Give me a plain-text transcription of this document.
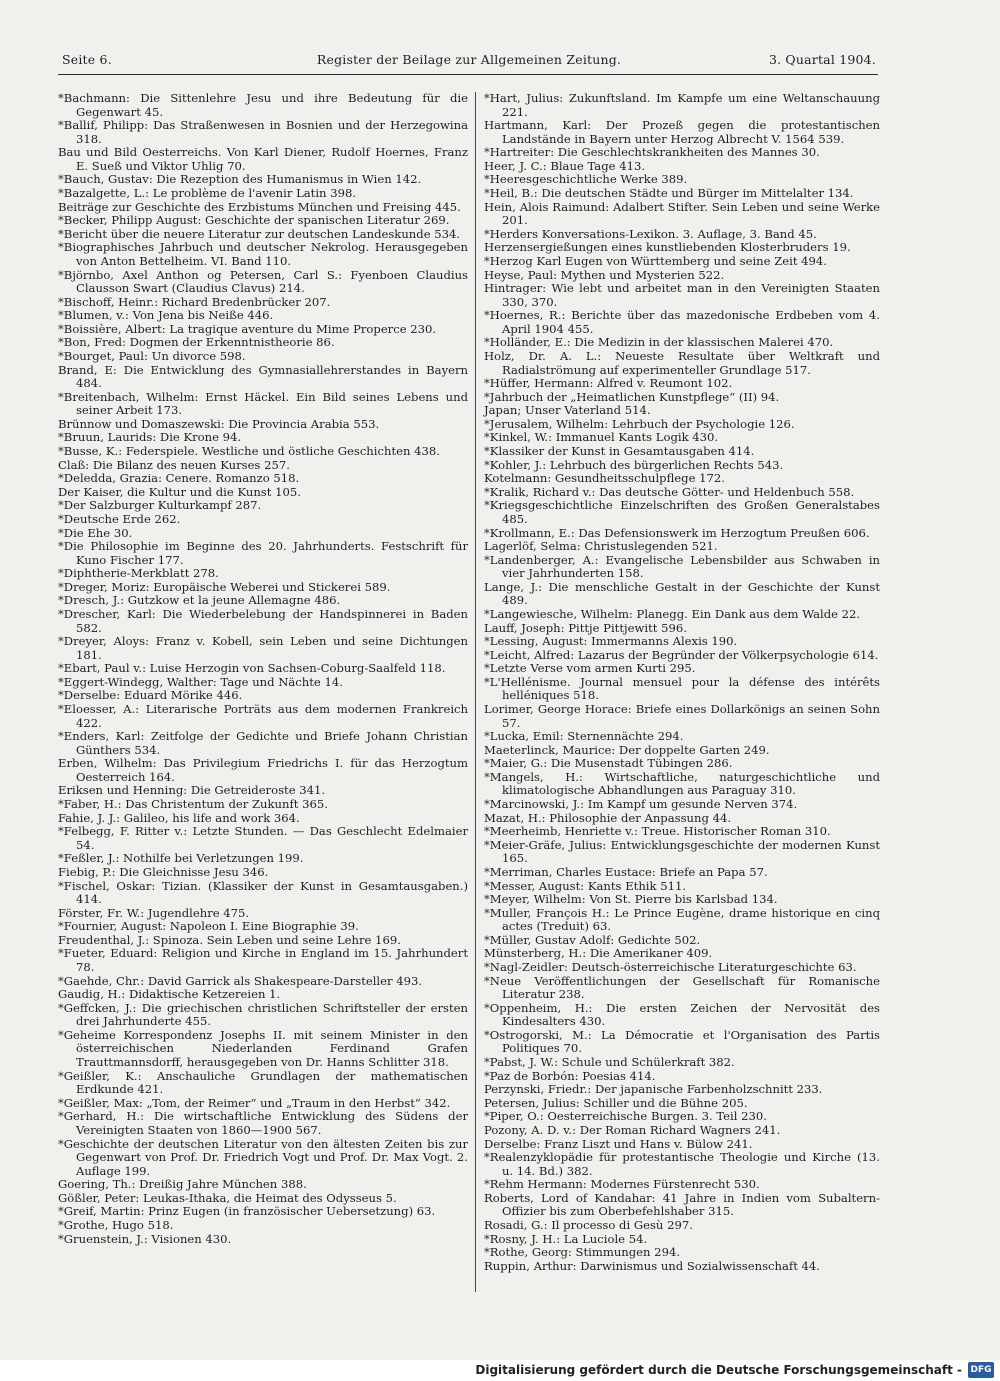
Seite 6.	Register der Beilage zur Allgemeinen Zeitung.	3. Quartal 1904.

*Bachmann: Die Sittenlehre Jesu und ihre Bedeutung für die Gegenwart 45.

*Ballif, Philipp: Das Straßenwesen in Bosnien und der Herzegowina 318.

Bau und Bild Oesterreichs. Von Karl Diener, Rudolf Hoernes, Franz E. Sueß und Viktor Uhlig 70.

*Bauch, Gustav: Die Rezeption des Humanismus in Wien 142.

*Bazalgette, L.: Le problème de l'avenir Latin 398.

Beiträge zur Geschichte des Erzbistums München und Freising 445.

*Becker, Philipp August: Geschichte der spanischen Literatur 269.

*Bericht über die neuere Literatur zur deutschen Landeskunde 534.

*Biographisches Jahrbuch und deutscher Nekrolog. Herausgegeben von Anton Bettelheim. VI. Band 110.

*Björnbo, Axel Anthon og Petersen, Carl S.: Fyenboen Claudius Clausson Swart (Claudius Clavus) 214.

*Bischoff, Heinr.: Richard Bredenbrücker 207.

*Blumen, v.: Von Jena bis Neiße 446.

*Boissière, Albert: La tragique aventure du Mime Properce 230.

*Bon, Fred: Dogmen der Erkenntnistheorie 86.

*Bourget, Paul: Un divorce 598.

Brand, E: Die Entwicklung des Gymnasiallehrerstandes in Bayern 484.

*Breitenbach, Wilhelm: Ernst Häckel. Ein Bild seines Lebens und seiner Arbeit 173.

Brünnow und Domaszewski: Die Provincia Arabia 553.

*Bruun, Laurids: Die Krone 94.

*Busse, K.: Federspiele. Westliche und östliche Geschichten 438.

Claß: Die Bilanz des neuen Kurses 257.

*Deledda, Grazia: Cenere. Romanzo 518.

Der Kaiser, die Kultur und die Kunst 105.

*Der Salzburger Kulturkampf 287.

*Deutsche Erde 262.

*Die Ehe 30.

*Die Philosophie im Beginne des 20. Jahrhunderts. Festschrift für Kuno Fischer 177.

*Diphtherie-Merkblatt 278.

*Dreger, Moriz: Europäische Weberei und Stickerei 589.

*Dresch, J.: Gutzkow et la jeune Allemagne 486.

*Drescher, Karl: Die Wiederbelebung der Handspinnerei in Baden 582.

*Dreyer, Aloys: Franz v. Kobell, sein Leben und seine Dichtungen 181.

*Ebart, Paul v.: Luise Herzogin von Sachsen-Coburg-Saalfeld 118.

*Eggert-Windegg, Walther: Tage und Nächte 14.

*Derselbe: Eduard Mörike 446.

*Eloesser, A.: Literarische Porträts aus dem modernen Frankreich 422.

*Enders, Karl: Zeitfolge der Gedichte und Briefe Johann Christian Günthers 534.

Erben, Wilhelm: Das Privilegium Friedrichs I. für das Herzogtum Oesterreich 164.

Eriksen und Henning: Die Getreideroste 341.

*Faber, H.: Das Christentum der Zukunft 365.

Fahie, J. J.: Galileo, his life and work 364.

*Felbegg, F. Ritter v.: Letzte Stunden. — Das Geschlecht Edelmaier 54.

*Feßler, J.: Nothilfe bei Verletzungen 199.

Fiebig, P.: Die Gleichnisse Jesu 346.

*Fischel, Oskar: Tizian. (Klassiker der Kunst in Gesamtausgaben.) 414.

Förster, Fr. W.: Jugendlehre 475.

*Fournier, August: Napoleon I. Eine Biographie 39.

Freudenthal, J.: Spinoza. Sein Leben und seine Lehre 169.

*Fueter, Eduard: Religion und Kirche in England im 15. Jahrhundert 78.

*Gaehde, Chr.: David Garrick als Shakespeare-Darsteller 493.

Gaudig, H.: Didaktische Ketzereien 1.

*Geffcken, J.: Die griechischen christlichen Schriftsteller der ersten drei Jahrhunderte 455.

*Geheime Korrespondenz Josephs II. mit seinem Minister in den österreichischen Niederlanden Ferdinand Grafen Trauttmannsdorff, herausgegeben von Dr. Hanns Schlitter 318.

*Geißler, K.: Anschauliche Grundlagen der mathematischen Erdkunde 421.

*Geißler, Max: „Tom, der Reimer“ und „Traum in den Herbst“ 342.

*Gerhard, H.: Die wirtschaftliche Entwicklung des Südens der Vereinigten Staaten von 1860—1900 567.

*Geschichte der deutschen Literatur von den ältesten Zeiten bis zur Gegenwart von Prof. Dr. Friedrich Vogt und Prof. Dr. Max Vogt. 2. Auflage 199.

Goering, Th.: Dreißig Jahre München 388.

Gößler, Peter: Leukas-Ithaka, die Heimat des Odysseus 5.

*Greif, Martin: Prinz Eugen (in französischer Uebersetzung) 63.

*Grothe, Hugo 518.

*Gruenstein, J.: Visionen 430.

*Hart, Julius: Zukunftsland. Im Kampfe um eine Weltanschauung 221.

Hartmann, Karl: Der Prozeß gegen die protestantischen Landstände in Bayern unter Herzog Albrecht V. 1564 539.

*Hartreiter: Die Geschlechtskrankheiten des Mannes 30.

Heer, J. C.: Blaue Tage 413.

*Heeresgeschichtliche Werke 389.

*Heil, B.: Die deutschen Städte und Bürger im Mittelalter 134.

Hein, Alois Raimund: Adalbert Stifter. Sein Leben und seine Werke 201.

*Herders Konversations-Lexikon. 3. Auflage, 3. Band 45.

Herzensergießungen eines kunstliebenden Klosterbruders 19.

*Herzog Karl Eugen von Württemberg und seine Zeit 494.

Heyse, Paul: Mythen und Mysterien 522.

Hintrager: Wie lebt und arbeitet man in den Vereinigten Staaten 330, 370.

*Hoernes, R.: Berichte über das mazedonische Erdbeben vom 4. April 1904 455.

*Holländer, E.: Die Medizin in der klassischen Malerei 470.

Holz, Dr. A. L.: Neueste Resultate über Weltkraft und Radialströmung auf experimenteller Grundlage 517.

*Hüffer, Hermann: Alfred v. Reumont 102.

*Jahrbuch der „Heimatlichen Kunstpflege“ (II) 94.

Japan; Unser Vaterland 514.

*Jerusalem, Wilhelm: Lehrbuch der Psychologie 126.

*Kinkel, W.: Immanuel Kants Logik 430.

*Klassiker der Kunst in Gesamtausgaben 414.

*Kohler, J.: Lehrbuch des bürgerlichen Rechts 543.

Kotelmann: Gesundheitsschulpflege 172.

*Kralik, Richard v.: Das deutsche Götter- und Heldenbuch 558.

*Kriegsgeschichtliche Einzelschriften des Großen Generalstabes 485.

*Krollmann, E.: Das Defensionswerk im Herzogtum Preußen 606.

Lagerlöf, Selma: Christuslegenden 521.

*Landenberger, A.: Evangelische Lebensbilder aus Schwaben in vier Jahrhunderten 158.

Lange, J.: Die menschliche Gestalt in der Geschichte der Kunst 489.

*Langewiesche, Wilhelm: Planegg. Ein Dank aus dem Walde 22.

Lauff, Joseph: Pittje Pittjewitt 596.

*Lessing, August: Immermanns Alexis 190.

*Leicht, Alfred: Lazarus der Begründer der Völkerpsychologie 614.

*Letzte Verse vom armen Kurti 295.

*L'Hellénisme. Journal mensuel pour la défense des intérêts helléniques 518.

Lorimer, George Horace: Briefe eines Dollarkönigs an seinen Sohn 57.

*Lucka, Emil: Sternennächte 294.

Maeterlinck, Maurice: Der doppelte Garten 249.

*Maier, G.: Die Musenstadt Tübingen 286.

*Mangels, H.: Wirtschaftliche, naturgeschichtliche und klimatologische Abhandlungen aus Paraguay 310.

*Marcinowski, J.: Im Kampf um gesunde Nerven 374.

Mazat, H.: Philosophie der Anpassung 44.

*Meerheimb, Henriette v.: Treue. Historischer Roman 310.

*Meier-Gräfe, Julius: Entwicklungsgeschichte der modernen Kunst 165.

*Merriman, Charles Eustace: Briefe an Papa 57.

*Messer, August: Kants Ethik 511.

*Meyer, Wilhelm: Von St. Pierre bis Karlsbad 134.

*Muller, François H.: Le Prince Eugène, drame historique en cinq actes (Treduit) 63.

*Müller, Gustav Adolf: Gedichte 502.

Münsterberg, H.: Die Amerikaner 409.

*Nagl-Zeidler: Deutsch-österreichische Literaturgeschichte 63.

*Neue Veröffentlichungen der Gesellschaft für Romanische Literatur 238.

*Oppenheim, H.: Die ersten Zeichen der Nervosität des Kindesalters 430.

*Ostrogorski, M.: La Démocratie et l'Organisation des Partis Politiques 70.

*Pabst, J. W.: Schule und Schülerkraft 382.

*Paz de Borbón: Poesias 414.

Perzynski, Friedr.: Der japanische Farbenholzschnitt 233.

Petersen, Julius: Schiller und die Bühne 205.

*Piper, O.: Oesterreichische Burgen. 3. Teil 230.

Pozony, A. D. v.: Der Roman Richard Wagners 241.

Derselbe: Franz Liszt und Hans v. Bülow 241.

*Realenzyklopädie für protestantische Theologie und Kirche (13. u. 14. Bd.) 382.

*Rehm Hermann: Modernes Fürstenrecht 530.

Roberts, Lord of Kandahar: 41 Jahre in Indien vom Subaltern-Offizier bis zum Oberbefehlshaber 315.

Rosadi, G.: Il processo di Gesù 297.

*Rosny, J. H.: La Luciole 54.

*Rothe, Georg: Stimmungen 294.

Ruppin, Arthur: Darwinismus und Sozialwissenschaft 44.

Digitalisierung gefördert durch die Deutsche Forschungsgemeinschaft - DFG
